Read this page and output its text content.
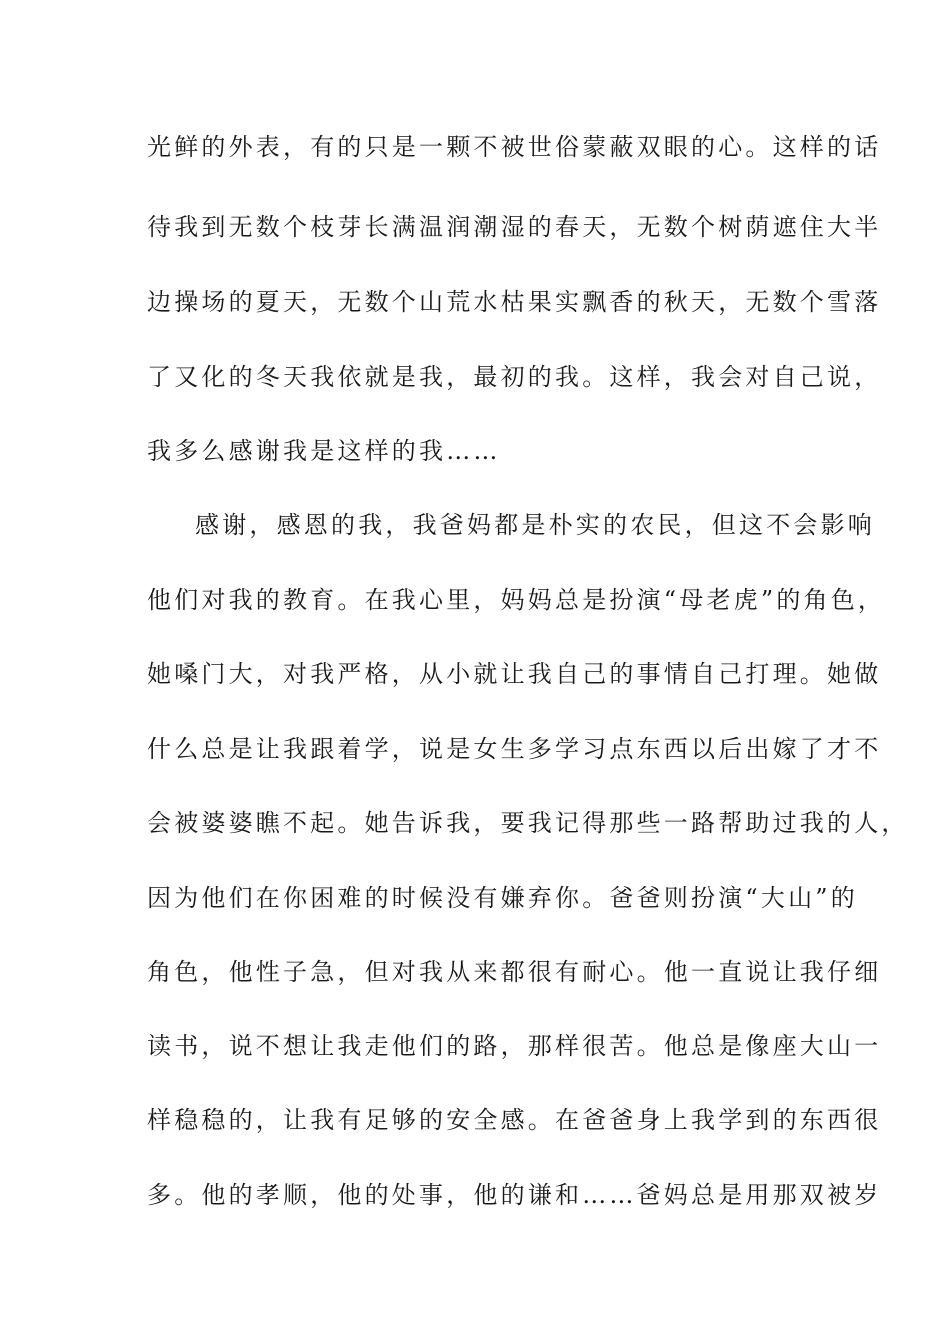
光鲜的外表，有的只是一颗不被世俗蒙蔽双眼的心。这样的话
待我到无数个枝芽长满温润潮湿的春天，无数个树荫遮住大半
边操场的夏天，无数个山荒水枯果实飘香的秋天，无数个雪落
了又化的冬天我依就是我，最初的我。这样，我会对自己说，
我多么感谢我是这样的我……
感谢，感恩的我，我爸妈都是朴实的农民，但这不会影响
他们对我的教育。在我心里，妈妈总是扮演“母老虎”的角色，
她嗓门大，对我严格，从小就让我自己的事情自己打理。她做
什么总是让我跟着学，说是女生多学习点东西以后出嫁了才不
会被婆婆瞧不起。她告诉我，要我记得那些一路帮助过我的人，
因为他们在你困难的时候没有嫌弃你。爸爸则扮演“大山”的
角色，他性子急，但对我从来都很有耐心。他一直说让我仔细
读书，说不想让我走他们的路，那样很苦。他总是像座大山一
样稳稳的，让我有足够的安全感。在爸爸身上我学到的东西很
多。他的孝顺，他的处事，他的谦和……爸妈总是用那双被岁
